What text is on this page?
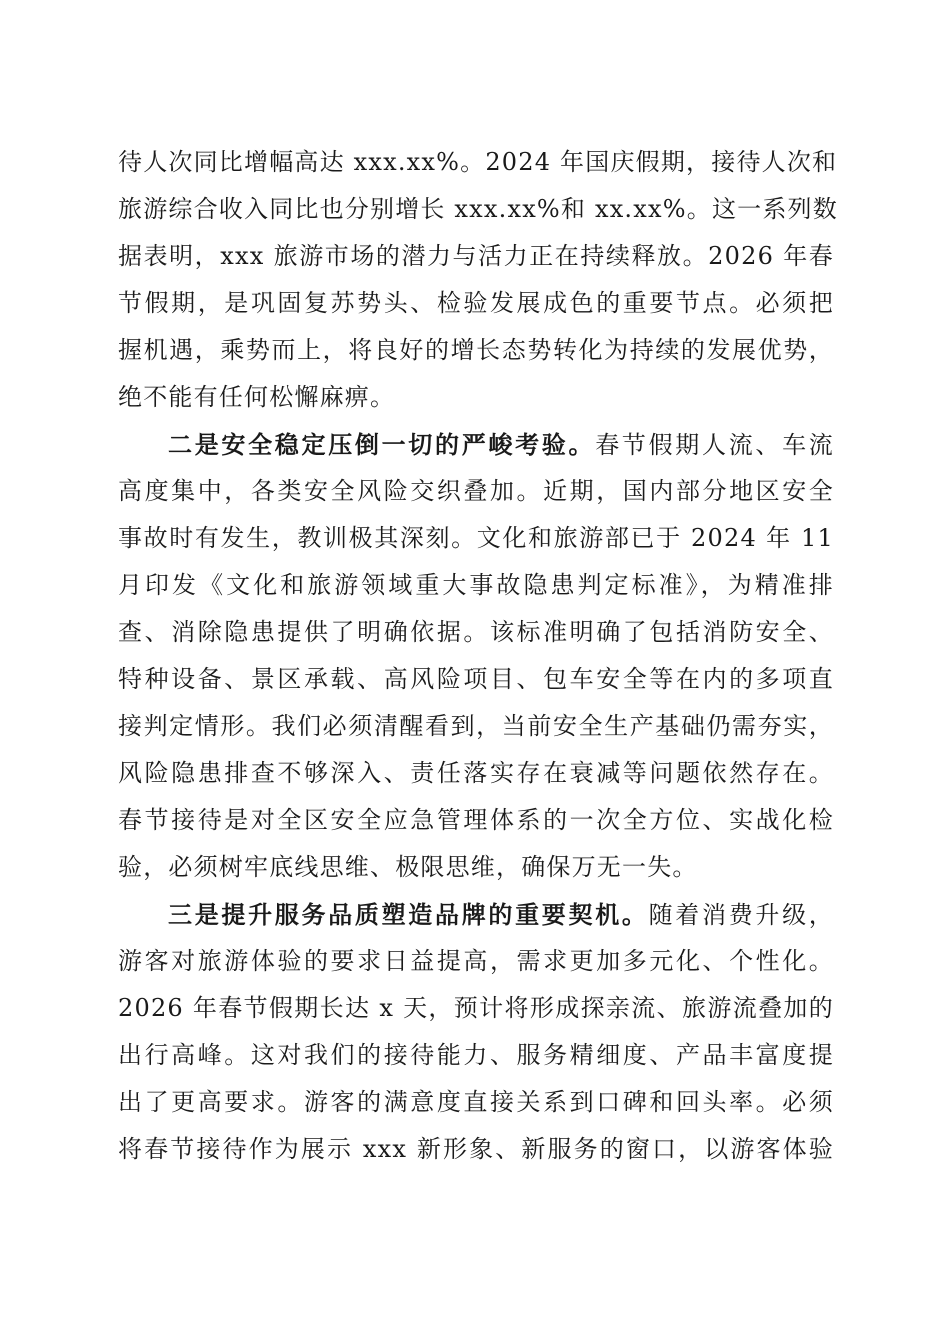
待人次同比增幅高达 xxx.xx%。2024 年国庆假期，接待人次和
旅游综合收入同比也分别增长 xxx.xx%和 xx.xx%。这一系列数
据表明，xxx 旅游市场的潜力与活力正在持续释放。2026 年春
节假期，是巩固复苏势头、检验发展成色的重要节点。必须把
握机遇，乘势而上，将良好的增长态势转化为持续的发展优势，
绝不能有任何松懈麻痹。
二是安全稳定压倒一切的严峻考验。春节假期人流、车流
高度集中，各类安全风险交织叠加。近期，国内部分地区安全
事故时有发生，教训极其深刻。文化和旅游部已于 2024 年 11
月印发《文化和旅游领域重大事故隐患判定标准》，为精准排
查、消除隐患提供了明确依据。该标准明确了包括消防安全、
特种设备、景区承载、高风险项目、包车安全等在内的多项直
接判定情形。我们必须清醒看到，当前安全生产基础仍需夯实，
风险隐患排查不够深入、责任落实存在衰减等问题依然存在。
春节接待是对全区安全应急管理体系的一次全方位、实战化检
验，必须树牢底线思维、极限思维，确保万无一失。
三是提升服务品质塑造品牌的重要契机。随着消费升级，
游客对旅游体验的要求日益提高，需求更加多元化、个性化。
2026 年春节假期长达 x 天，预计将形成探亲流、旅游流叠加的
出行高峰。这对我们的接待能力、服务精细度、产品丰富度提
出了更高要求。游客的满意度直接关系到口碑和回头率。必须
将春节接待作为展示 xxx 新形象、新服务的窗口，以游客体验
